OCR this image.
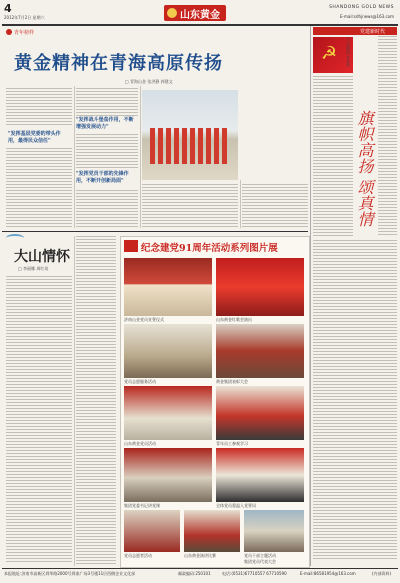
4
2012年7月2日 星期六	山东黄金
SHANDONG GOLD NEWS
E-mail:sdhjnews@163.com
青年榜样
黄金精神在青海高原传扬
□ 青海山金 张洪静 郭建文
"发挥基层党委的带头作用，最得民众信任"
"发挥战斗堡垒作用，不断增强发展动力"
"发挥党员干部的先锋作用，不断开创新局面"
党建新时代
☭
旗帜高扬 颂真情
□ 张建国 齐金华
大山情怀
□ 李丽娜 周红英
纪念建党91周年活动系列图片展
济南山金党员宣誓仪式	山东黄金红歌会演出
党员志愿服务活动	黄金集团表彰大会
山东黄金党员活动	青年员工参观学习
集团党委书记讲党课	全体党员重温入党誓词
党员志愿者活动	山东黄金演讲比赛	党员干部主题活动
集团党员代表大会
本报地址:济南市高新区舜华路2000号舜泰广场3号楼11层西侧企业文化部	邮政编码:250101	电话:(0531)67710557 67710590	E-mail:86581954@163.com	(内部资料)
